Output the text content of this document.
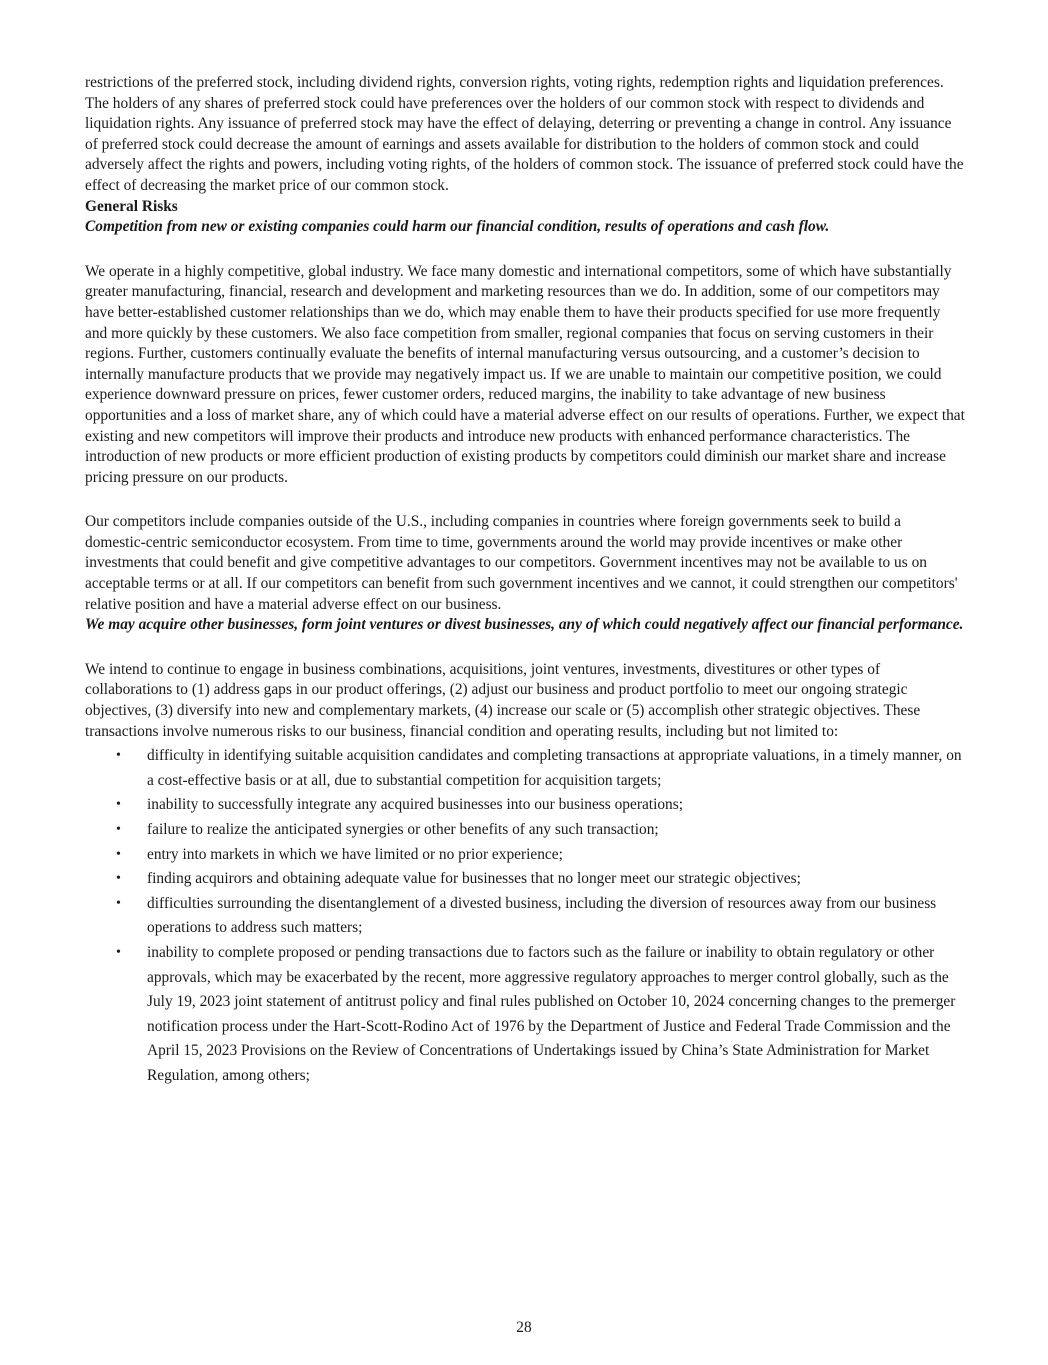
restrictions of the preferred stock, including dividend rights, conversion rights, voting rights, redemption rights and liquidation preferences. The holders of any shares of preferred stock could have preferences over the holders of our common stock with respect to dividends and liquidation rights. Any issuance of preferred stock may have the effect of delaying, deterring or preventing a change in control. Any issuance of preferred stock could decrease the amount of earnings and assets available for distribution to the holders of common stock and could adversely affect the rights and powers, including voting rights, of the holders of common stock. The issuance of preferred stock could have the effect of decreasing the market price of our common stock.

General Risks
Competition from new or existing companies could harm our financial condition, results of operations and cash flow.

We operate in a highly competitive, global industry. We face many domestic and international competitors, some of which have substantially greater manufacturing, financial, research and development and marketing resources than we do. In addition, some of our competitors may have better-established customer relationships than we do, which may enable them to have their products specified for use more frequently and more quickly by these customers. We also face competition from smaller, regional companies that focus on serving customers in their regions. Further, customers continually evaluate the benefits of internal manufacturing versus outsourcing, and a customer’s decision to internally manufacture products that we provide may negatively impact us. If we are unable to maintain our competitive position, we could experience downward pressure on prices, fewer customer orders, reduced margins, the inability to take advantage of new business opportunities and a loss of market share, any of which could have a material adverse effect on our results of operations. Further, we expect that existing and new competitors will improve their products and introduce new products with enhanced performance characteristics. The introduction of new products or more efficient production of existing products by competitors could diminish our market share and increase pricing pressure on our products.

Our competitors include companies outside of the U.S., including companies in countries where foreign governments seek to build a domestic-centric semiconductor ecosystem. From time to time, governments around the world may provide incentives or make other investments that could benefit and give competitive advantages to our competitors. Government incentives may not be available to us on acceptable terms or at all. If our competitors can benefit from such government incentives and we cannot, it could strengthen our competitors' relative position and have a material adverse effect on our business.

We may acquire other businesses, form joint ventures or divest businesses, any of which could negatively affect our financial performance.

We intend to continue to engage in business combinations, acquisitions, joint ventures, investments, divestitures or other types of collaborations to (1) address gaps in our product offerings, (2) adjust our business and product portfolio to meet our ongoing strategic objectives, (3) diversify into new and complementary markets, (4) increase our scale or (5) accomplish other strategic objectives. These transactions involve numerous risks to our business, financial condition and operating results, including but not limited to:

• difficulty in identifying suitable acquisition candidates and completing transactions at appropriate valuations, in a timely manner, on a cost-effective basis or at all, due to substantial competition for acquisition targets;
• inability to successfully integrate any acquired businesses into our business operations;
• failure to realize the anticipated synergies or other benefits of any such transaction;
• entry into markets in which we have limited or no prior experience;
• finding acquirors and obtaining adequate value for businesses that no longer meet our strategic objectives;
• difficulties surrounding the disentanglement of a divested business, including the diversion of resources away from our business operations to address such matters;
• inability to complete proposed or pending transactions due to factors such as the failure or inability to obtain regulatory or other approvals, which may be exacerbated by the recent, more aggressive regulatory approaches to merger control globally, such as the July 19, 2023 joint statement of antitrust policy and final rules published on October 10, 2024 concerning changes to the premerger notification process under the Hart-Scott-Rodino Act of 1976 by the Department of Justice and Federal Trade Commission and the April 15, 2023 Provisions on the Review of Concentrations of Undertakings issued by China’s State Administration for Market Regulation, among others;
28
